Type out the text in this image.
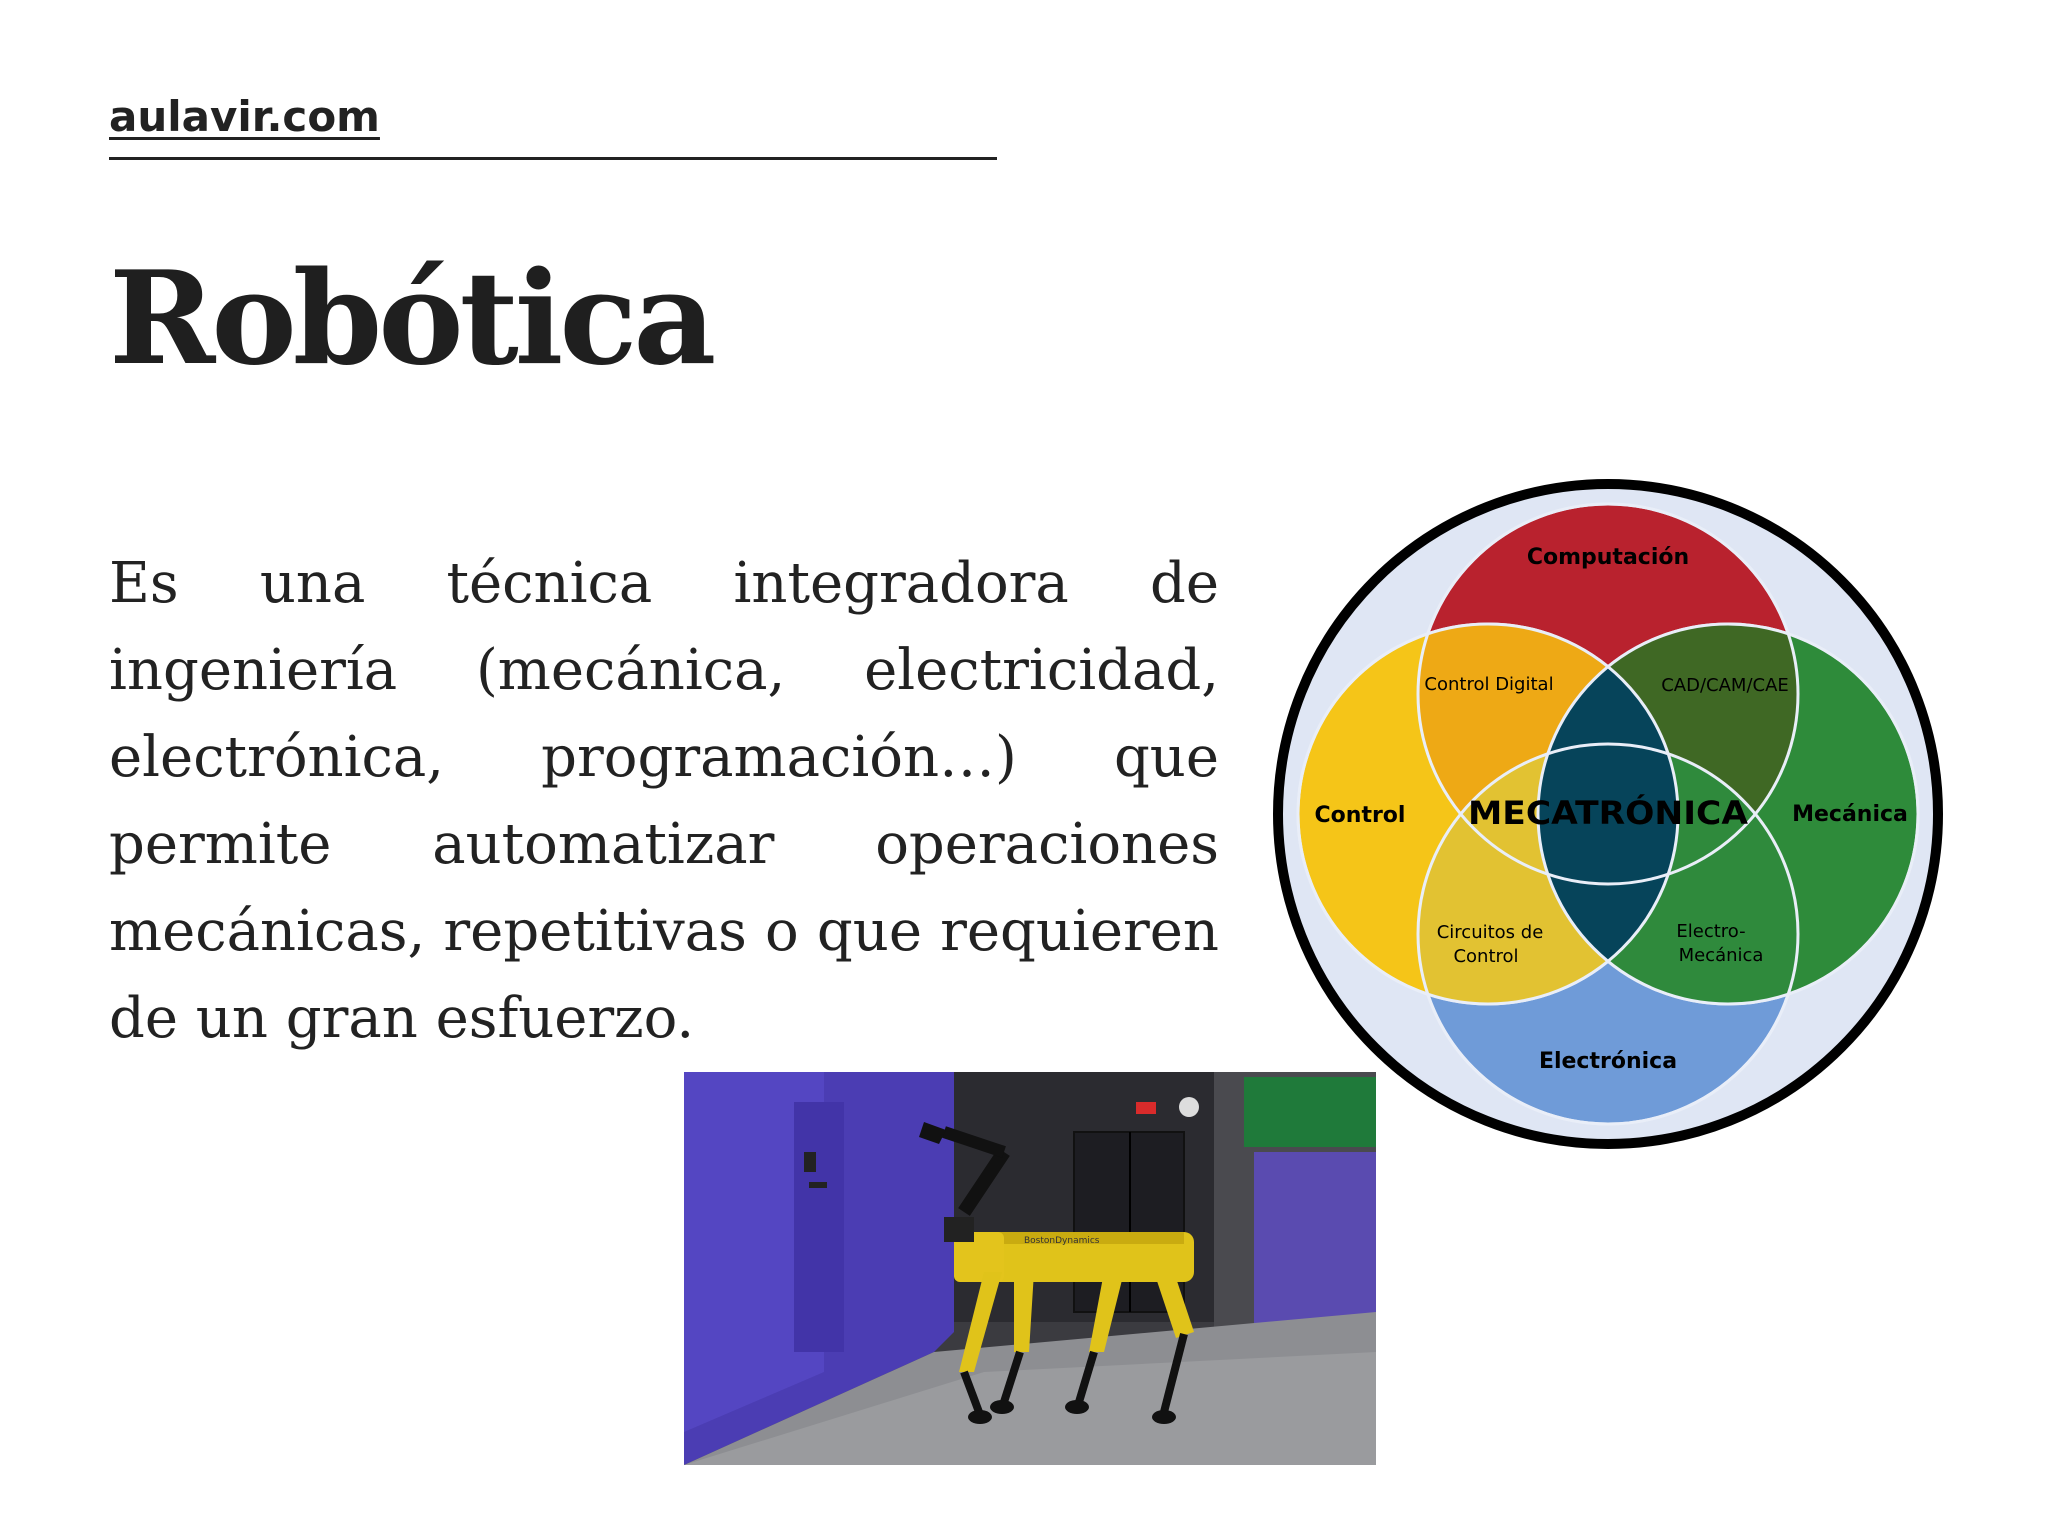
aulavir.com
Robótica

Es una técnica integradora de ingeniería (mecánica, electricidad, electrónica, programación…) que permite automatizar operaciones mecánicas, repetitivas o que requieren de un gran esfuerzo.

Computación
Control	Mecánica
Electrónica
Control Digital	CAD/CAM/CAE
Circuitos de
Control
Electro-
Mecánica
MECATRÓNICA
BostonDynamics
